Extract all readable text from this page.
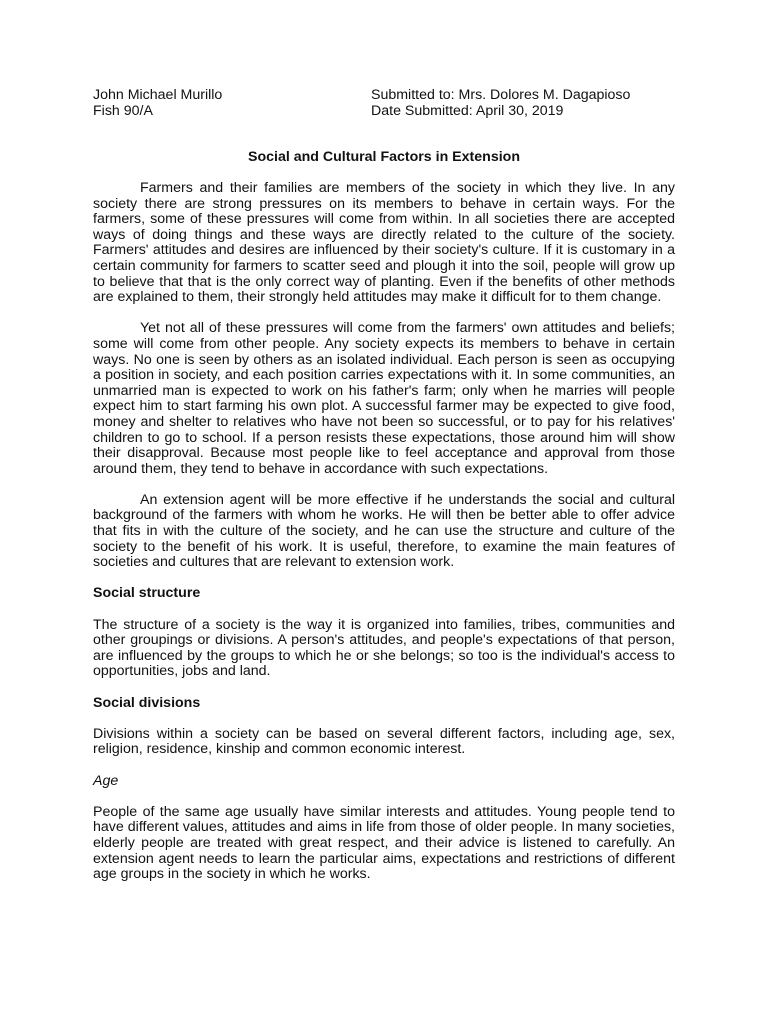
John Michael Murillo	Submitted to: Mrs. Dolores M. Dagapioso
Fish 90/A	Date Submitted: April 30, 2019
Social and Cultural Factors in Extension

Farmers and their families are members of the society in which they live. In any society there are strong pressures on its members to behave in certain ways. For the farmers, some of these pressures will come from within. In all societies there are accepted ways of doing things and these ways are directly related to the culture of the society. Farmers' attitudes and desires are influenced by their society's culture. If it is customary in a certain community for farmers to scatter seed and plough it into the soil, people will grow up to believe that that is the only correct way of planting. Even if the benefits of other methods are explained to them, their strongly held attitudes may make it difficult for to them change.

Yet not all of these pressures will come from the farmers' own attitudes and beliefs; some will come from other people. Any society expects its members to behave in certain ways. No one is seen by others as an isolated individual. Each person is seen as occupying a position in society, and each position carries expectations with it. In some communities, an unmarried man is expected to work on his father's farm; only when he marries will people expect him to start farming his own plot. A successful farmer may be expected to give food, money and shelter to relatives who have not been so successful, or to pay for his relatives' children to go to school. If a person resists these expectations, those around him will show their disapproval. Because most people like to feel acceptance and approval from those around them, they tend to behave in accordance with such expectations.

An extension agent will be more effective if he understands the social and cultural background of the farmers with whom he works. He will then be better able to offer advice that fits in with the culture of the society, and he can use the structure and culture of the society to the benefit of his work. It is useful, therefore, to examine the main features of societies and cultures that are relevant to extension work.

Social structure

The structure of a society is the way it is organized into families, tribes, communities and other groupings or divisions. A person's attitudes, and people's expectations of that person, are influenced by the groups to which he or she belongs; so too is the individual's access to opportunities, jobs and land.

Social divisions

Divisions within a society can be based on several different factors, including age, sex, religion, residence, kinship and common economic interest.

Age

People of the same age usually have similar interests and attitudes. Young people tend to have different values, attitudes and aims in life from those of older people. In many societies, elderly people are treated with great respect, and their advice is listened to carefully. An extension agent needs to learn the particular aims, expectations and restrictions of different age groups in the society in which he works.
